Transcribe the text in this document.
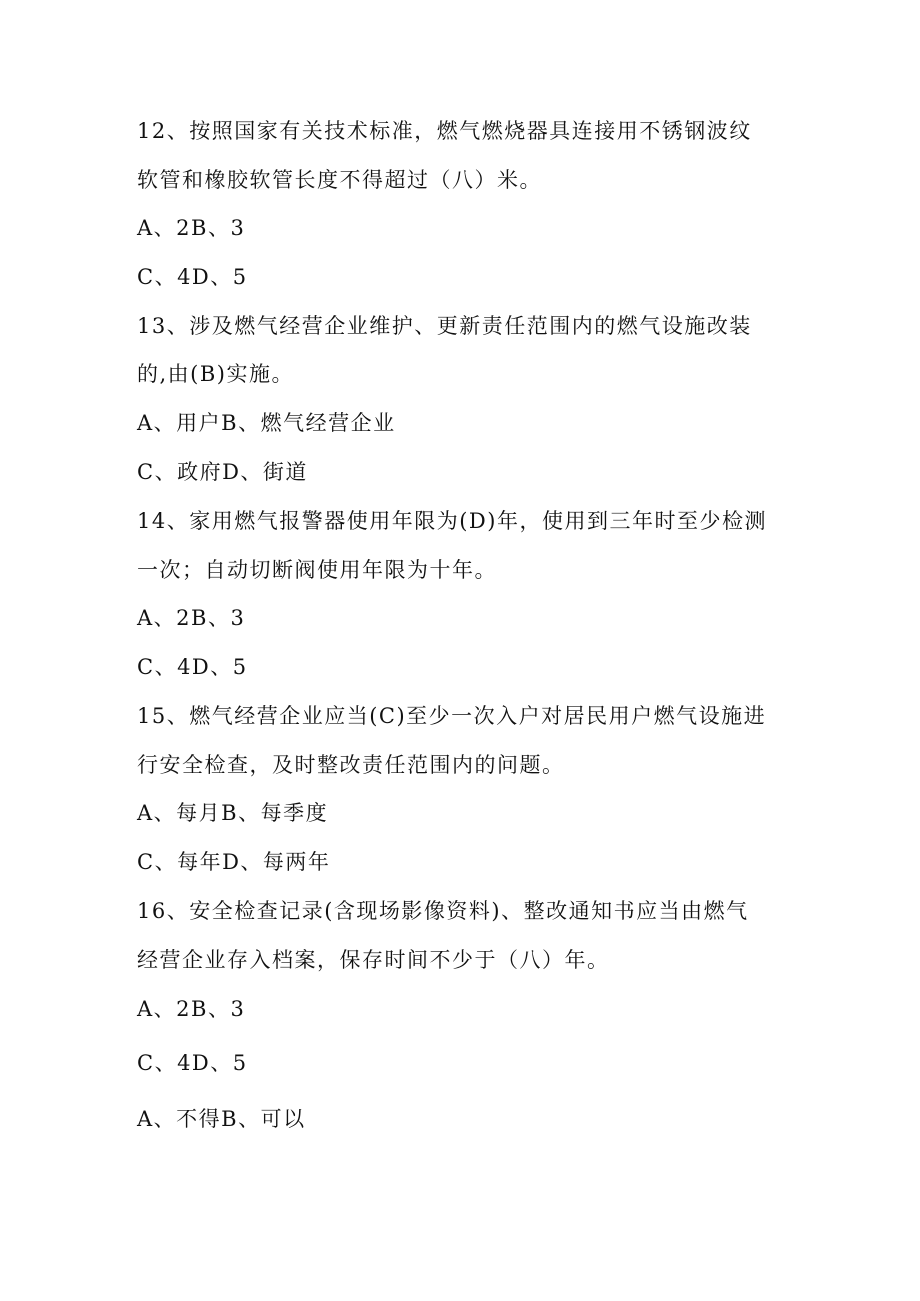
12、按照国家有关技术标准，燃气燃烧器具连接用不锈钢波纹
软管和橡胶软管长度不得超过（八）米。
A、2B、3
C、4D、5
13、涉及燃气经营企业维护、更新责任范围内的燃气设施改装
的,由(B)实施。
A、用户B、燃气经营企业
C、政府D、街道
14、家用燃气报警器使用年限为(D)年，使用到三年时至少检测
一次；自动切断阀使用年限为十年。
A、2B、3
C、4D、5
15、燃气经营企业应当(C)至少一次入户对居民用户燃气设施进
行安全检查，及时整改责任范围内的问题。
A、每月B、每季度
C、每年D、每两年
16、安全检查记录(含现场影像资料)、整改通知书应当由燃气
经营企业存入档案，保存时间不少于（八）年。
A、2B、3
C、4D、5
A、不得B、可以
